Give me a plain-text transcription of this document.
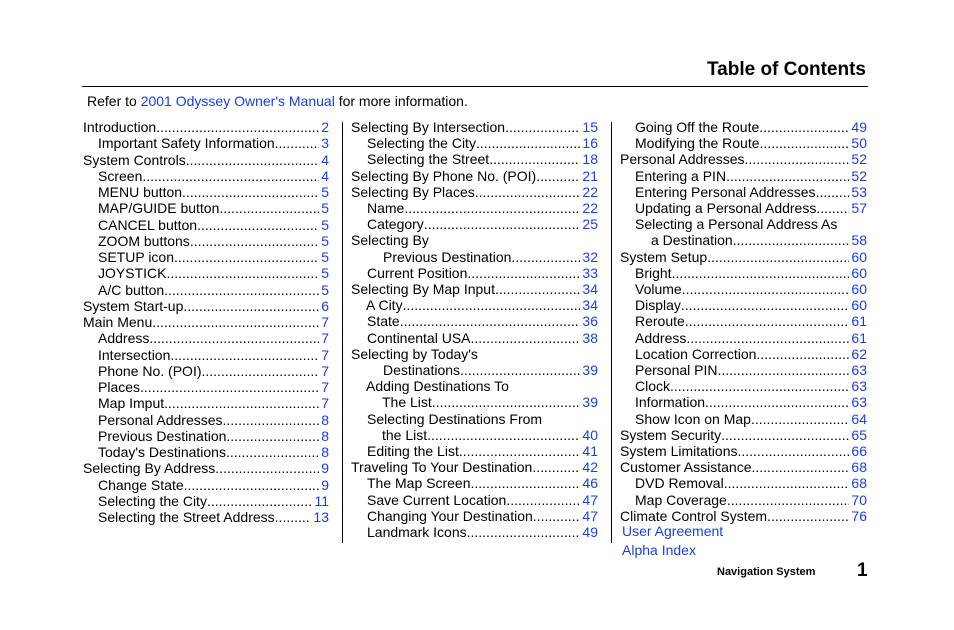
Table of Contents
Refer to 2001 Odyssey Owner's Manual for more information.
Introduction .....	2
Important Safety Information .....	3
System Controls .....	4
Screen .....	4
MENU button .....	5
MAP/GUIDE button .....	5
CANCEL button .....	5
ZOOM buttons .....	5
SETUP icon .....	5
JOYSTICK .....	5
A/C button .....	5
System Start-up .....	6
Main Menu .....	7
Address .....	7
Intersection .....	7
Phone No. (POI) .....	7
Places .....	7
Map Imput .....	7
Personal Addresses .....	8
Previous Destination .....	8
Today's Destinations .....	8
Selecting By Address .....	9
Change State .....	9
Selecting the City .....	11
Selecting the Street Address .....	13
Selecting By Intersection .....	15
Selecting the City .....	16
Selecting the Street .....	18
Selecting By Phone No. (POI) .....	21
Selecting By Places .....	22
Name .....	22
Category .....	25
Selecting By
Previous Destination .....	32
Current Position .....	33
Selecting By Map Input .....	34
A City .....	34
State .....	36
Continental USA .....	38
Selecting by Today's
Destinations .....	39
Adding Destinations To
The List .....	39
Selecting Destinations From
the List .....	40
Editing the List .....	41
Traveling To Your Destination .....	42
The Map Screen .....	46
Save Current Location .....	47
Changing Your Destination .....	47
Landmark Icons .....	49
Going Off the Route .....	49
Modifying the Route .....	50
Personal Addresses .....	52
Entering a PIN .....	52
Entering Personal Addresses .....	53
Updating a Personal Address .....	57
Selecting a Personal Address As
a Destination .....	58
System Setup .....	60
Bright .....	60
Volume .....	60
Display .....	60
Reroute .....	61
Address .....	61
Location Correction .....	62
Personal PIN .....	63
Clock .....	63
Information .....	63
Show Icon on Map .....	64
System Security .....	65
System Limitations .....	66
Customer Assistance .....	68
DVD Removal .....	68
Map Coverage .....	70
Climate Control System .....	76
User Agreement
Alpha Index
Navigation System 1
